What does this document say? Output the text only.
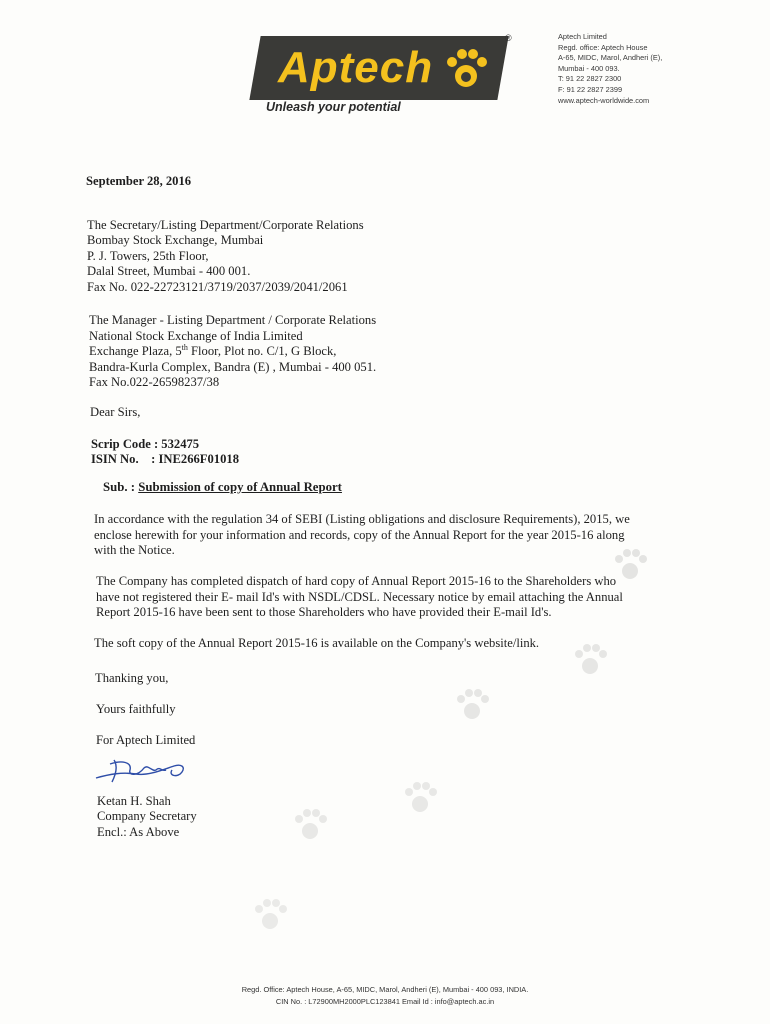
Aptech
®
Unleash your potential
Aptech Limited
Regd. office: Aptech House
A-65, MIDC, Marol, Andheri (E),
Mumbai - 400 093.
T: 91 22 2827 2300
F: 91 22 2827 2399
www.aptech-worldwide.com
September 28, 2016
The Secretary/Listing Department/Corporate Relations
Bombay Stock Exchange, Mumbai
P. J. Towers, 25th Floor,
Dalal Street, Mumbai - 400 001.
Fax No. 022-22723121/3719/2037/2039/2041/2061
The Manager - Listing Department / Corporate Relations
National Stock Exchange of India Limited
Exchange Plaza, 5th Floor, Plot no. C/1, G Block,
Bandra-Kurla Complex, Bandra (E) , Mumbai - 400 051.
Fax No.022-26598237/38
Dear Sirs,
Scrip Code : 532475
ISIN No.    : INE266F01018
Sub. : Submission of copy of Annual Report
In accordance with the regulation 34 of SEBI (Listing obligations and disclosure Requirements), 2015, we
enclose herewith for your information and records, copy of the Annual Report for the year 2015-16 along
with the Notice.
The Company has completed dispatch of hard copy of Annual Report 2015-16 to the Shareholders who
have not registered their E- mail Id's with NSDL/CDSL. Necessary notice by email attaching the Annual
Report 2015-16 have been sent to those Shareholders who have provided their E-mail Id's.
The soft copy of the Annual Report 2015-16 is available on the Company's website/link.
Thanking you,
Yours faithfully
For Aptech Limited
Ketan H. Shah
Company Secretary
Encl.: As Above
Regd. Office: Aptech House, A-65, MIDC, Marol, Andheri (E), Mumbai - 400 093, INDIA.
CIN No. : L72900MH2000PLC123841 Email Id : info@aptech.ac.in
